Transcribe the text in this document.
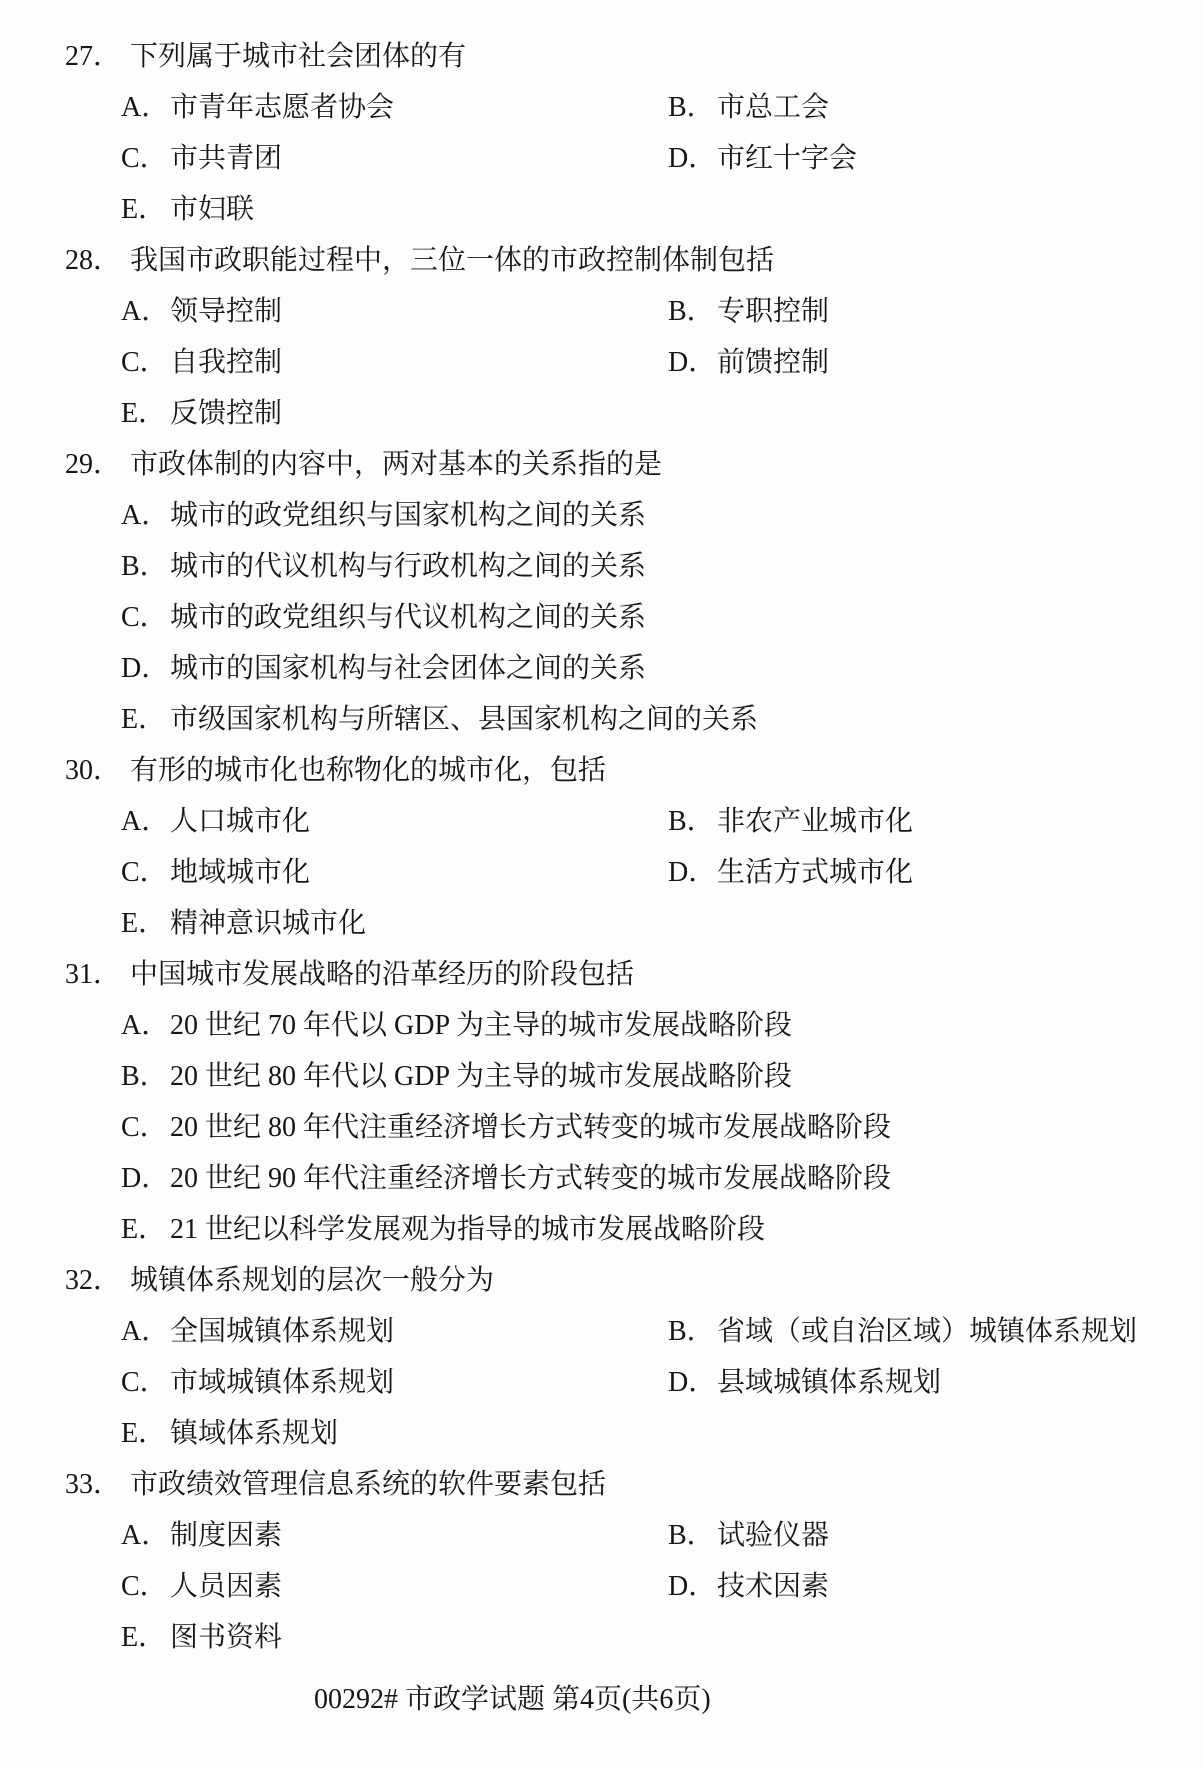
27． 下列属于城市社会团体的有
A．市青年志愿者协会	B．市总工会
C．市共青团	D．市红十字会
E． 市妇联
28． 我国市政职能过程中，三位一体的市政控制体制包括
A．领导控制	B．专职控制
C．自我控制	D．前馈控制
E． 反馈控制
29． 市政体制的内容中，两对基本的关系指的是
A．城市的政党组织与国家机构之间的关系
B．城市的代议机构与行政机构之间的关系
C．城市的政党组织与代议机构之间的关系
D．城市的国家机构与社会团体之间的关系
E． 市级国家机构与所辖区、县国家机构之间的关系
30． 有形的城市化也称物化的城市化，包括
A．人口城市化	B．非农产业城市化
C．地域城市化	D．生活方式城市化
E． 精神意识城市化
31． 中国城市发展战略的沿革经历的阶段包括
A．20 世纪 70 年代以 GDP 为主导的城市发展战略阶段
B．20 世纪 80 年代以 GDP 为主导的城市发展战略阶段
C．20 世纪 80 年代注重经济增长方式转变的城市发展战略阶段
D．20 世纪 90 年代注重经济增长方式转变的城市发展战略阶段
E． 21 世纪以科学发展观为指导的城市发展战略阶段
32． 城镇体系规划的层次一般分为
A．全国城镇体系规划	B．省域（或自治区域）城镇体系规划
C．市域城镇体系规划	D．县域城镇体系规划
E． 镇域体系规划
33． 市政绩效管理信息系统的软件要素包括
A．制度因素	B．试验仪器
C．人员因素	D．技术因素
E． 图书资料
00292# 市政学试题 第4页(共6页)
